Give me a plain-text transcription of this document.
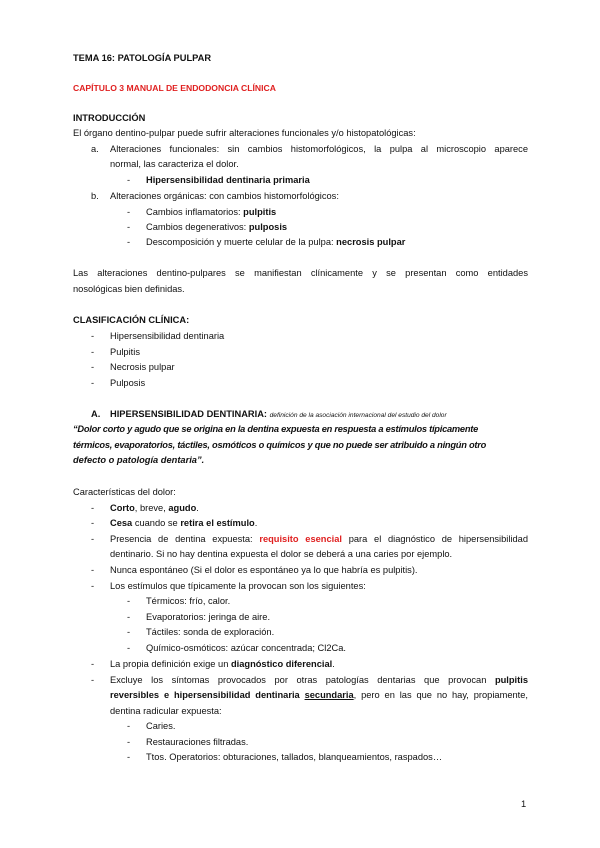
TEMA 16: PATOLOGÍA PULPAR
CAPÍTULO 3 MANUAL DE ENDODONCIA CLÍNICA
INTRODUCCIÓN
El órgano dentino-pulpar puede sufrir alteraciones funcionales y/o histopatológicas:
a. Alteraciones funcionales: sin cambios histomorfológicos, la pulpa al microscopio aparece
normal, las caracteriza el dolor.
- Hipersensibilidad dentinaria primaria
b. Alteraciones orgánicas: con cambios histomorfológicos:
- Cambios inflamatorios: pulpitis
- Cambios degenerativos: pulposis
- Descomposición y muerte celular de la pulpa: necrosis pulpar
Las alteraciones dentino-pulpares se manifiestan clínicamente y se presentan como entidades
nosológicas bien definidas.
CLASIFICACIÓN CLÍNICA:
- Hipersensibilidad dentinaria
- Pulpitis
- Necrosis pulpar
- Pulposis
A. HIPERSENSIBILIDAD DENTINARIA: definición de la asociación internacional del estudio del dolor
“Dolor corto y agudo que se origina en la dentina expuesta en respuesta a estímulos típicamente
térmicos, evaporatorios, táctiles, osmóticos o químicos y que no puede ser atribuido a ningún otro
defecto o patología dentaria”.
Características del dolor:
- Corto, breve, agudo.
- Cesa cuando se retira el estímulo.
- Presencia de dentina expuesta: requisito esencial para el diagnóstico de hipersensibilidad
dentinario. Si no hay dentina expuesta el dolor se deberá a una caries por ejemplo.
- Nunca espontáneo (Si el dolor es espontáneo ya lo que habría es pulpitis).
- Los estímulos que típicamente la provocan son los siguientes:
- Térmicos: frío, calor.
- Evaporatorios: jeringa de aire.
- Táctiles: sonda de exploración.
- Químico-osmóticos: azúcar concentrada; Cl2Ca.
- La propia definición exige un diagnóstico diferencial.
- Excluye los síntomas provocados por otras patologías dentarias que provocan pulpitis
reversibles e hipersensibilidad dentinaria secundaria, pero en las que no hay, propiamente,
dentina radicular expuesta:
- Caries.
- Restauraciones filtradas.
- Ttos. Operatorios: obturaciones, tallados, blanqueamientos, raspados…
1
